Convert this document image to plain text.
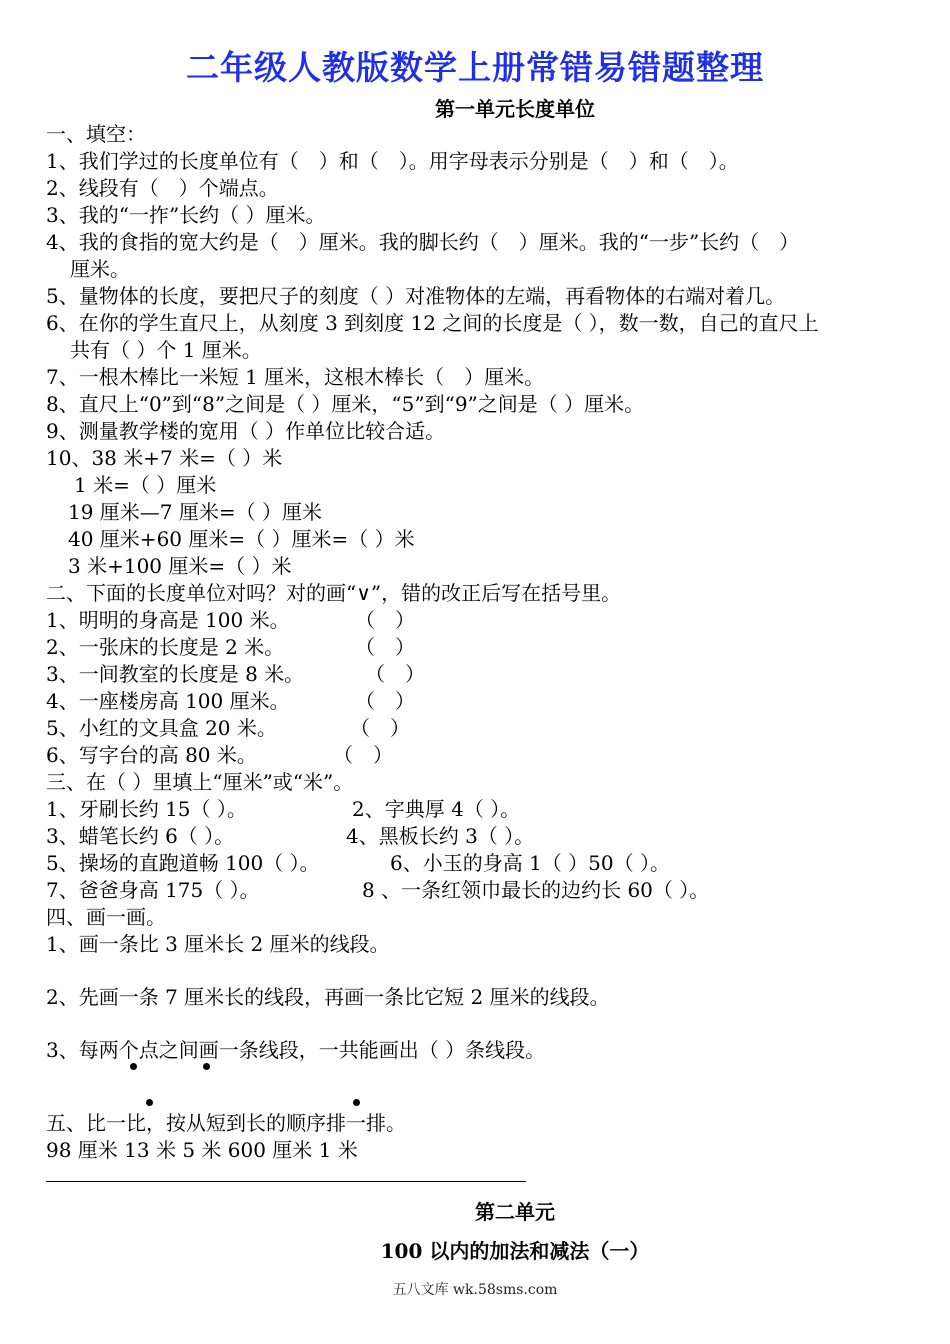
二年级人教版数学上册常错易错题整理
第一单元长度单位
一、填空：
1、我们学过的长度单位有（　）和（　）。用字母表示分别是（　）和（　）。
2、线段有（　）个端点。
3、我的“一拃”长约（ ）厘米。
4、我的食指的宽大约是（　）厘米。我的脚长约（　）厘米。我的“一步”长约（　）
厘米。
5、量物体的长度，要把尺子的刻度（ ）对准物体的左端，再看物体的右端对着几。
6、在你的学生直尺上，从刻度 3 到刻度 12 之间的长度是（ ），数一数，自己的直尺上
共有（ ）个 1 厘米。
7、一根木棒比一米短 1 厘米，这根木棒长（　）厘米。
8、直尺上“0”到“8”之间是（ ）厘米，“5”到“9”之间是（ ）厘米。
9、测量教学楼的宽用（ ）作单位比较合适。
10、38 米+7 米=（ ）米
1 米=（ ）厘米
19 厘米—7 厘米=（ ）厘米
40 厘米+60 厘米=（ ）厘米=（ ）米
3 米+100 厘米=（ ）米
二、下面的长度单位对吗？对的画“∨”，错的改正后写在括号里。
1、明明的身高是 100 米。	（　）
2、一张床的长度是 2 米。	（　）
3、一间教室的长度是 8 米。	（　）
4、一座楼房高 100 厘米。	（　）
5、小红的文具盒 20 米。	（　）
6、写字台的高 80 米。	（　）
三、在（ ）里填上“厘米”或“米”。
1、牙刷长约 15（ ）。	2、字典厚 4（ ）。
3、蜡笔长约 6（ ）。	4、黑板长约 3（ ）。
5、操场的直跑道畅 100（ ）。	6、小玉的身高 1（ ）50（ ）。
7、爸爸身高 175（ ）。	8 、一条红领巾最长的边约长 60（ ）。
四、画一画。
1、画一条比 3 厘米长 2 厘米的线段。
2、先画一条 7 厘米长的线段，再画一条比它短 2 厘米的线段。
3、每两个点之间画一条线段，一共能画出（ ）条线段。
五、比一比，按从短到长的顺序排一排。
98 厘米 13 米 5 米 600 厘米 1 米
第二单元
100 以内的加法和减法（一）
五八文库 wk.58sms.com
